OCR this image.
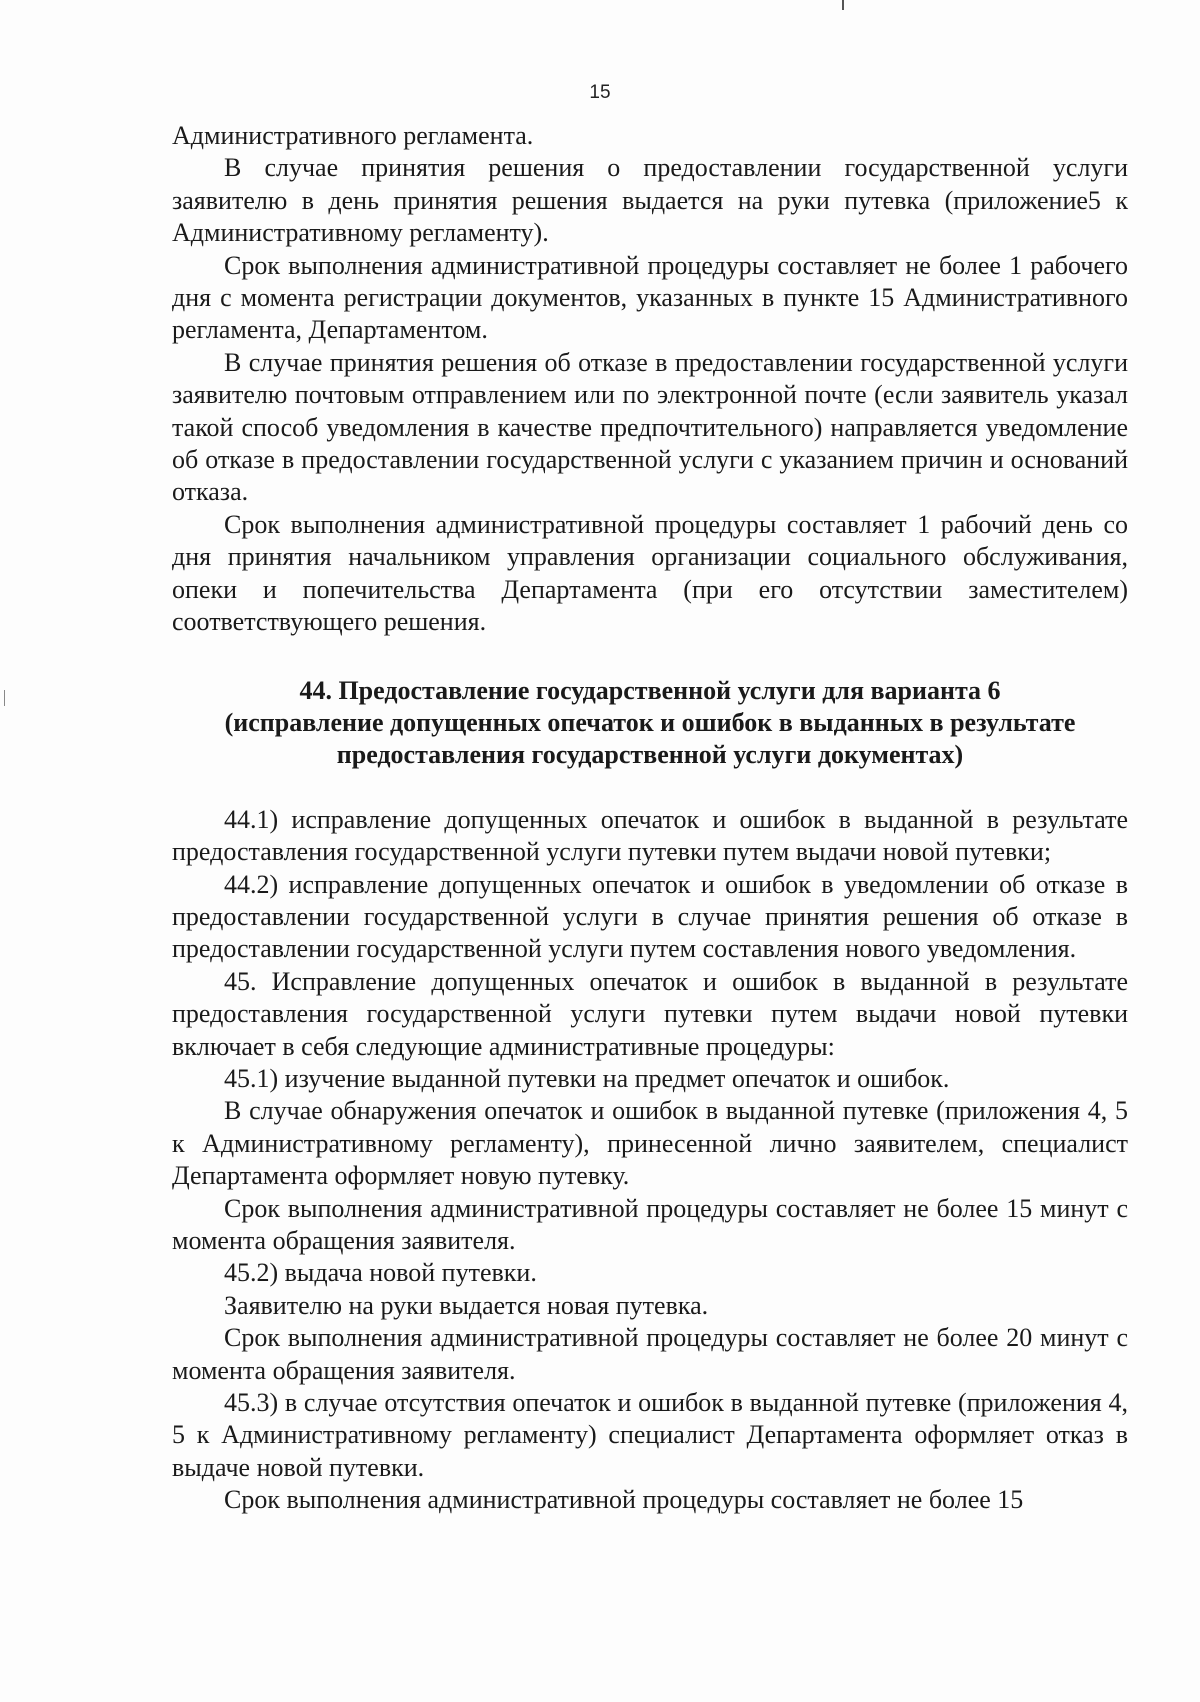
15

Административного регламента.

В случае принятия решения о предоставлении государственной услуги заявителю в день принятия решения выдается на руки путевка (приложение5 к Административному регламенту).

Срок выполнения административной процедуры составляет не более 1 рабочего дня с момента регистрации документов, указанных в пункте 15 Административного регламента, Департаментом.

В случае принятия решения об отказе в предоставлении государственной услуги заявителю почтовым отправлением или по электронной почте (если заявитель указал такой способ уведомления в качестве предпочтительного) направляется уведомление об отказе в предоставлении государственной услуги с указанием причин и оснований отказа.

Срок выполнения административной процедуры составляет 1 рабочий день со дня принятия начальником управления организации социального обслуживания, опеки и попечительства Департамента (при его отсутствии заместителем) соответствующего решения.

44. Предоставление государственной услуги для варианта 6
(исправление допущенных опечаток и ошибок в выданных в результате
предоставления государственной услуги документах)

44.1) исправление допущенных опечаток и ошибок в выданной в результате предоставления государственной услуги путевки путем выдачи новой путевки;

44.2) исправление допущенных опечаток и ошибок в уведомлении об отказе в предоставлении государственной услуги в случае принятия решения об отказе в предоставлении государственной услуги путем составления нового уведомления.

45. Исправление допущенных опечаток и ошибок в выданной в результате предоставления государственной услуги путевки путем выдачи новой путевки включает в себя следующие административные процедуры:

45.1) изучение выданной путевки на предмет опечаток и ошибок.

В случае обнаружения опечаток и ошибок в выданной путевке (приложения 4, 5 к Административному регламенту), принесенной лично заявителем, специалист Департамента оформляет новую путевку.

Срок выполнения административной процедуры составляет не более 15 минут с момента обращения заявителя.

45.2) выдача новой путевки.

Заявителю на руки выдается новая путевка.

Срок выполнения административной процедуры составляет не более 20 минут с момента обращения заявителя.

45.3) в случае отсутствия опечаток и ошибок в выданной путевке (приложения 4, 5 к Административному регламенту) специалист Департамента оформляет отказ в выдаче новой путевки.

Срок выполнения административной процедуры составляет не более 15
